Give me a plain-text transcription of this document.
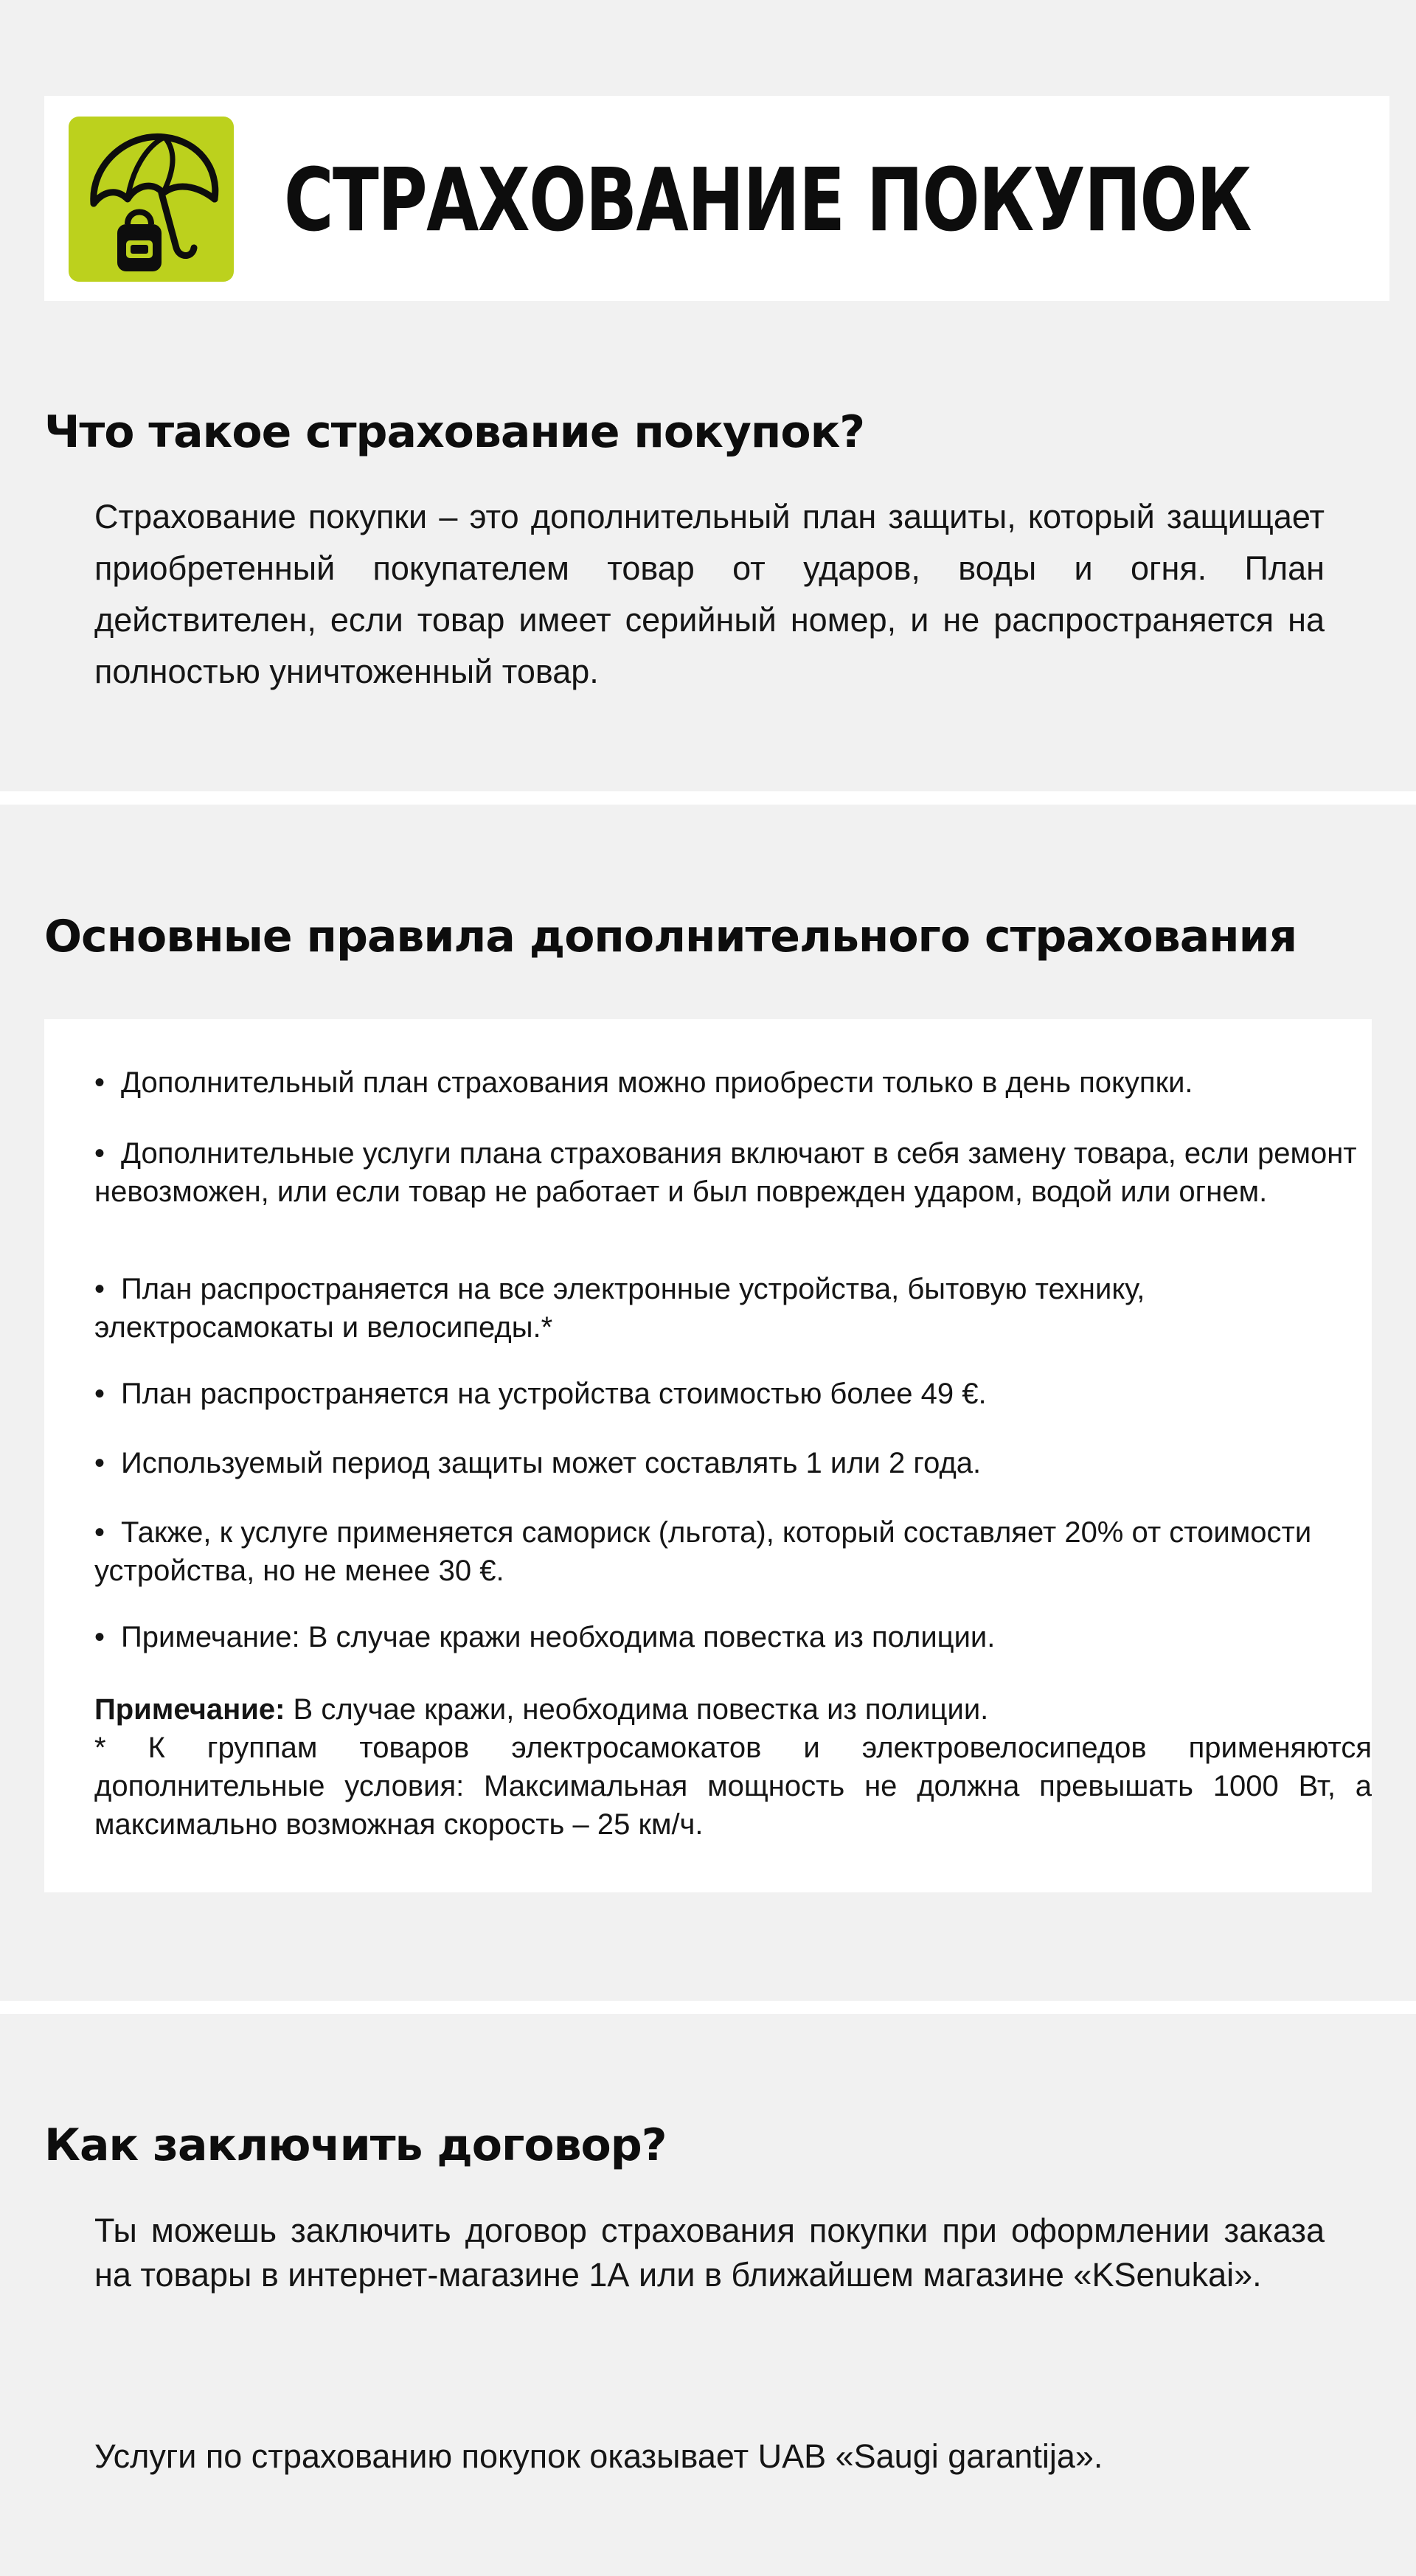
СТРАХОВАНИЕ ПОКУПОК
Что такое страхование покупок?
Страхование покупки – это дополнительный план защиты, который защищает приобретенный покупателем товар от ударов, воды и огня. План действителен, если товар имеет серийный номер, и не распространяется на полностью уничтоженный товар.
Основные правила дополнительного страхования
• Дополнительный план страхования можно приобрести только в день покупки.
• Дополнительные услуги плана страхования включают в себя замену товара, если ремонт невозможен, или если товар не работает и был поврежден ударом, водой или огнем.
• План распространяется на все электронные устройства, бытовую технику, электросамокаты и велосипеды.*
• План распространяется на устройства стоимостью более 49 €.
• Используемый период защиты может составлять 1 или 2 года.
• Также, к услуге применяется самориск (льгота), который составляет 20% от стоимости устройства, но не менее 30 €.
• Примечание: В случае кражи необходима повестка из полиции.
Примечание: В случае кражи, необходима повестка из полиции.
* К группам товаров электросамокатов и электровелосипедов применяются дополнительные условия: Максимальная мощность не должна превышать 1000 Вт, а максимально возможная скорость – 25 км/ч.
Как заключить договор?
Ты можешь заключить договор страхования покупки при оформлении заказа на товары в интернет-магазине 1А или в ближайшем магазине «KSenukai».
Услуги по страхованию покупок оказывает UAB «Saugi garantija».
